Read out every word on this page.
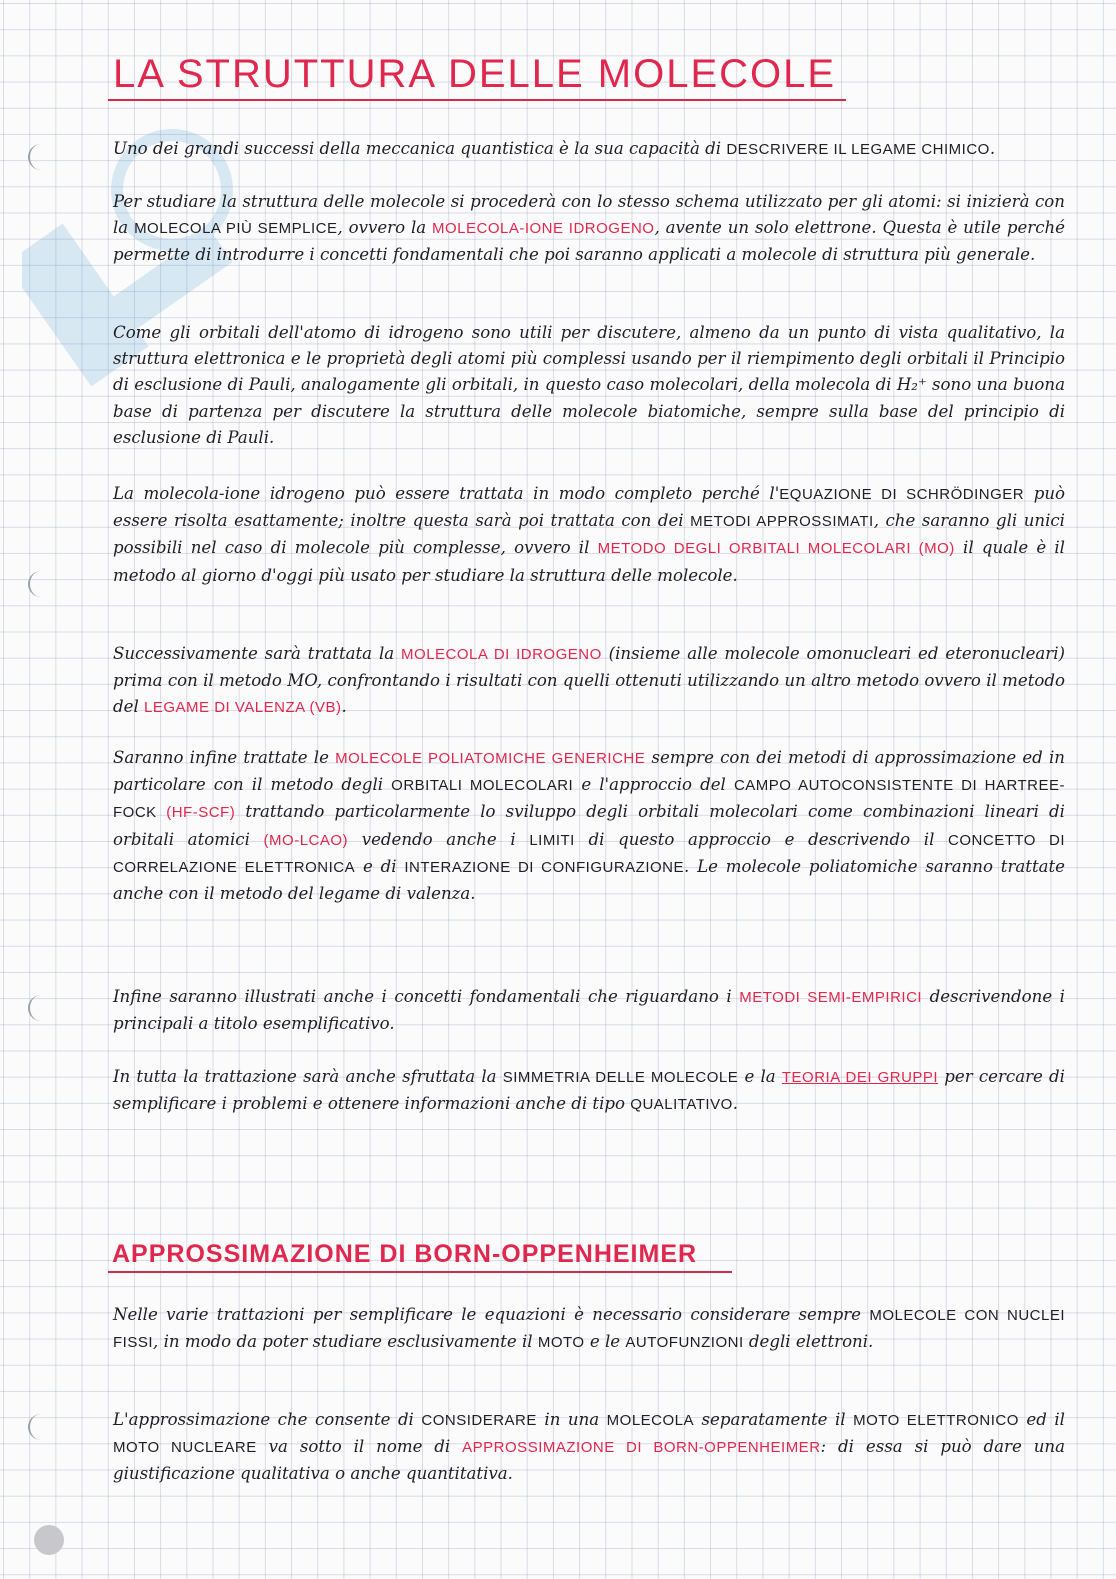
LA STRUTTURA DELLE MOLECOLE

Uno dei grandi successi della meccanica quantistica è la sua capacità di DESCRIVERE IL LEGAME CHIMICO.

Per studiare la struttura delle molecole si procederà con lo stesso schema utilizzato per gli atomi: si inizierà con la MOLECOLA PIÙ SEMPLICE, ovvero la MOLECOLA-IONE IDROGENO, avente un solo elettrone. Questa è utile perché permette di introdurre i concetti fondamentali che poi saranno applicati a molecole di struttura più generale.

Come gli orbitali dell'atomo di idrogeno sono utili per discutere, almeno da un punto di vista qualitativo, la struttura elettronica e le proprietà degli atomi più complessi usando per il riempimento degli orbitali il Principio di esclusione di Pauli, analogamente gli orbitali, in questo caso molecolari, della molecola di H₂⁺ sono una buona base di partenza per discutere la struttura delle molecole biatomiche, sempre sulla base del principio di esclusione di Pauli.

La molecola-ione idrogeno può essere trattata in modo completo perché l'EQUAZIONE DI SCHRÖDINGER può essere risolta esattamente; inoltre questa sarà poi trattata con dei METODI APPROSSIMATI, che saranno gli unici possibili nel caso di molecole più complesse, ovvero il METODO DEGLI ORBITALI MOLECOLARI (MO) il quale è il metodo al giorno d'oggi più usato per studiare la struttura delle molecole.

Successivamente sarà trattata la MOLECOLA DI IDROGENO (insieme alle molecole omonucleari ed eteronucleari) prima con il metodo MO, confrontando i risultati con quelli ottenuti utilizzando un altro metodo ovvero il metodo del LEGAME DI VALENZA (VB).

Saranno infine trattate le MOLECOLE POLIATOMICHE GENERICHE sempre con dei metodi di approssimazione ed in particolare con il metodo degli ORBITALI MOLECOLARI e l'approccio del CAMPO AUTOCONSISTENTE DI HARTREE-FOCK (HF-SCF) trattando particolarmente lo sviluppo degli orbitali molecolari come combinazioni lineari di orbitali atomici (MO-LCAO) vedendo anche i LIMITI di questo approccio e descrivendo il CONCETTO DI CORRELAZIONE ELETTRONICA e di INTERAZIONE DI CONFIGURAZIONE. Le molecole poliatomiche saranno trattate anche con il metodo del legame di valenza.

Infine saranno illustrati anche i concetti fondamentali che riguardano i METODI SEMI-EMPIRICI descrivendone i principali a titolo esemplificativo.

In tutta la trattazione sarà anche sfruttata la SIMMETRIA DELLE MOLECOLE e la TEORIA DEI GRUPPI per cercare di semplificare i problemi e ottenere informazioni anche di tipo QUALITATIVO.

APPROSSIMAZIONE DI BORN-OPPENHEIMER

Nelle varie trattazioni per semplificare le equazioni è necessario considerare sempre MOLECOLE CON NUCLEI FISSI, in modo da poter studiare esclusivamente il MOTO e le AUTOFUNZIONI degli elettroni.

L'approssimazione che consente di CONSIDERARE in una MOLECOLA separatamente il MOTO ELETTRONICO ed il MOTO NUCLEARE va sotto il nome di APPROSSIMAZIONE DI BORN-OPPENHEIMER: di essa si può dare una giustificazione qualitativa o anche quantitativa.
